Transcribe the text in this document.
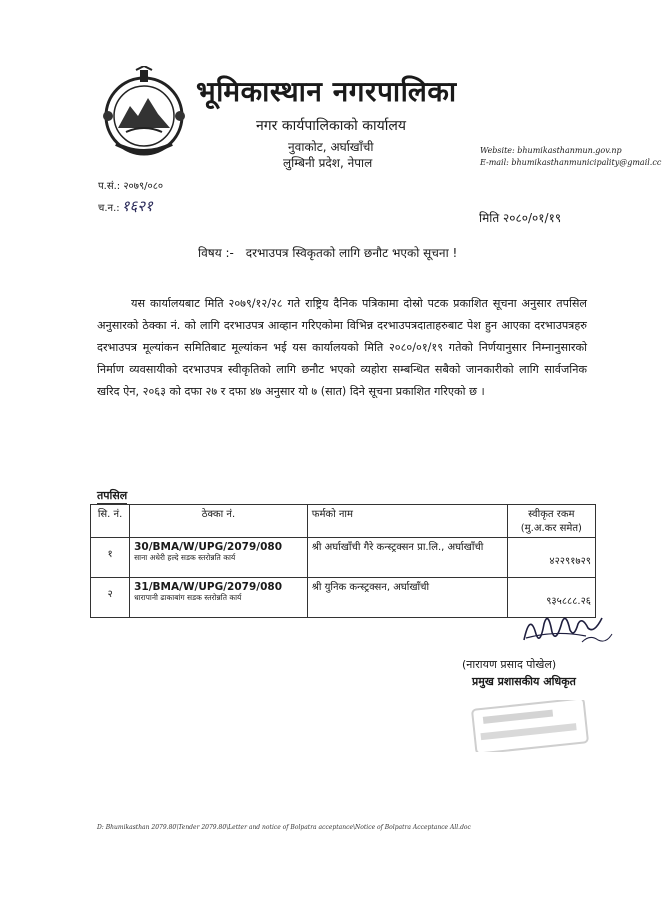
भूमिकास्थान नगरपालिका
नगर कार्यपालिकाको कार्यालय
नुवाकोट, अर्घाखाँची
लुम्बिनी प्रदेश, नेपाल
Website: bhumikasthanmun.gov.np
E-mail: bhumikasthanmunicipality@gmail.cc
प.सं.: २०७९/०८०
च.न.: १६२१
मिति २०८०/०१/१९
विषय :- दरभाउपत्र स्विकृतको लागि छनौट भएको सूचना !
यस कार्यालयबाट मिति २०७९/१२/२८ गते राष्ट्रिय दैनिक पत्रिकामा दोस्रो पटक प्रकाशित सूचना अनुसार तपसिल अनुसारको ठेक्का नं. को लागि दरभाउपत्र आव्हान गरिएकोमा विभिन्न दरभाउपत्रदाताहरुबाट पेश हुन आएका दरभाउपत्रहरु दरभाउपत्र मूल्यांकन समितिबाट मूल्यांकन भई यस कार्यालयको मिति २०८०/०१/१९ गतेको निर्णयानुसार निम्नानुसारको निर्माण व्यवसायीको दरभाउपत्र स्वीकृतिको लागि छनौट भएको व्यहोरा सम्बन्धित सबैको जानकारीको लागि सार्वजनिक खरिद ऐन, २०६३ को दफा २७ र दफा ४७ अनुसार यो ७ (सात) दिने सूचना प्रकाशित गरिएको छ ।
तपसिल
सि. नं.	ठेक्का नं.	फर्मको नाम	स्वीकृत रकम (मु.अ.कर समेत)
१	30/BMA/W/UPG/2079/080
साना अधेरी हल्दे सडक स्तरोन्नति कार्य	श्री अर्घाखाँची गैरे कन्स्ट्रक्सन प्रा.लि., अर्घाखाँची	४२२९१७२९

२	31/BMA/W/UPG/2079/080
धारापानी ढाकाबांग सडक स्तरोन्नति कार्य	श्री युनिक कन्स्ट्रक्सन, अर्घाखाँची	९३५८८८.२६
(नारायण प्रसाद पोखेल)
प्रमुख प्रशासकीय अधिकृत
D: Bhumikasthan 2079.80\Tender 2079.80\Letter and notice of Bolpatra acceptance\Notice of Bolpatra Acceptance All.doc
